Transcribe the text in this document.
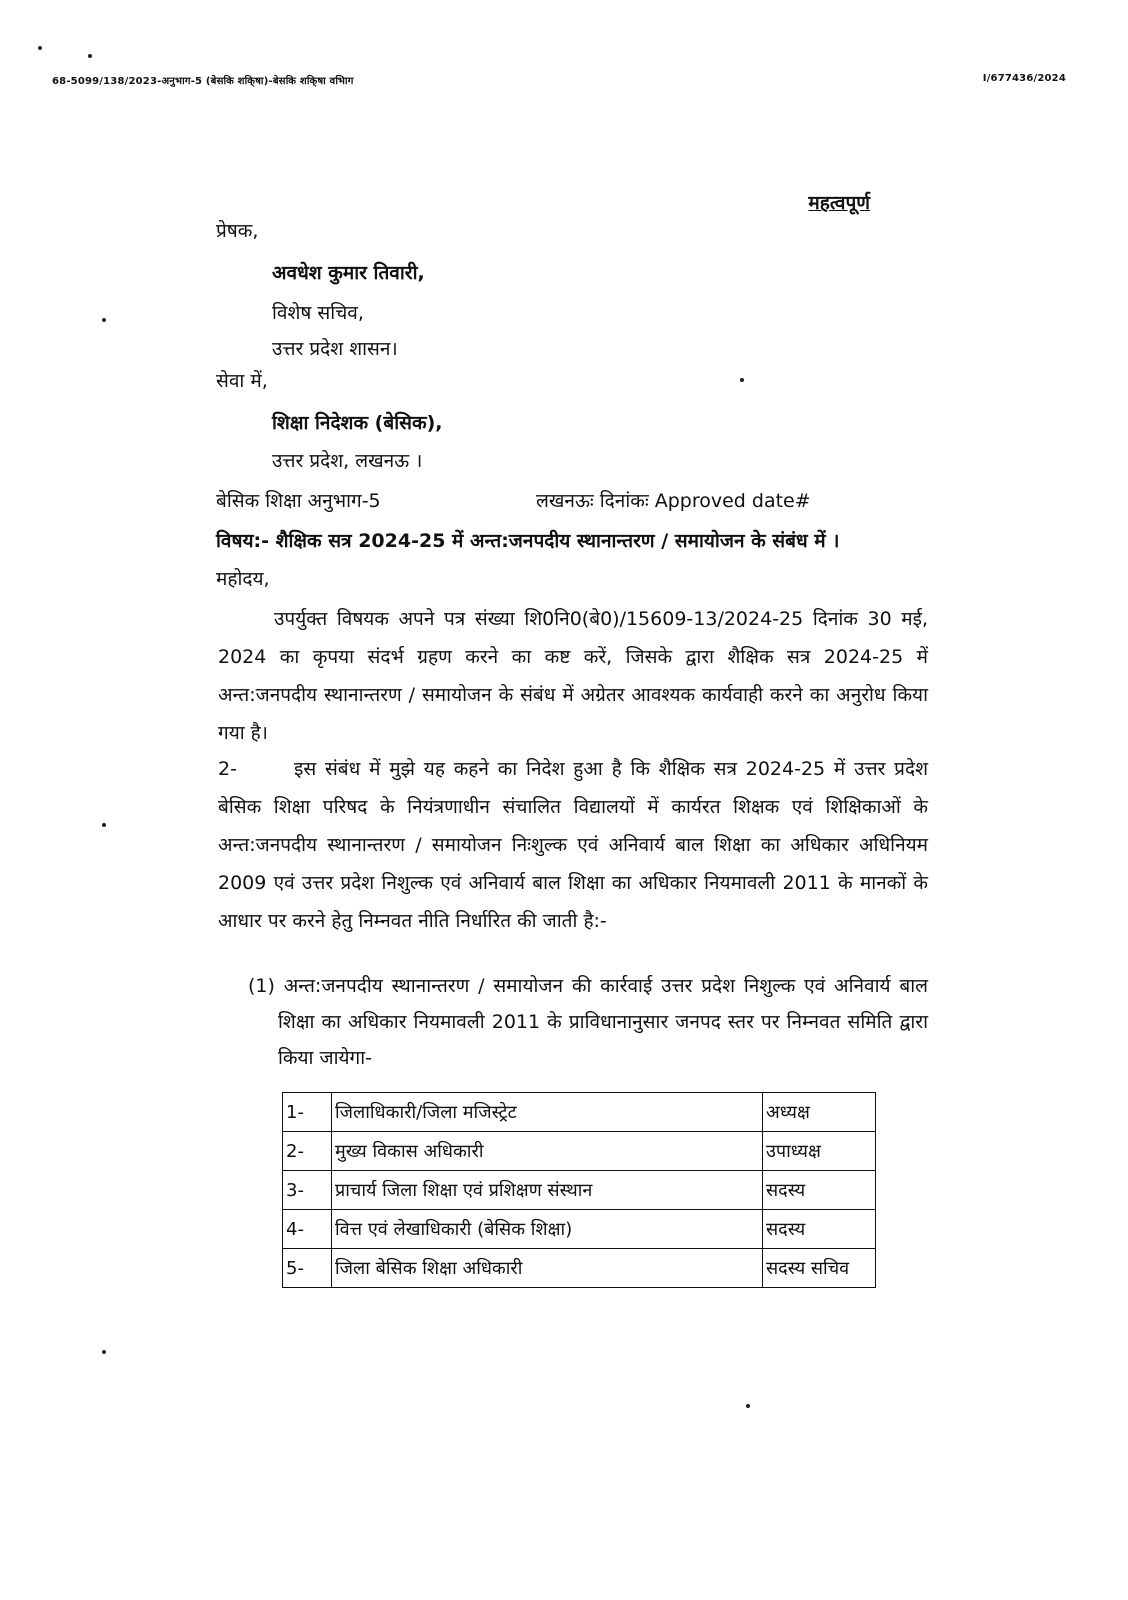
68-5099/138/2023-अनुभाग-5 (बेसकि शकि्षा)-बेसकि शकि्षा वभिाग	I/677436/2024
महत्वपूर्ण
प्रेषक,
अवधेश कुमार तिवारी,
विशेष सचिव,
उत्तर प्रदेश शासन।
सेवा में,
शिक्षा निदेशक (बेसिक),
उत्तर प्रदेश, लखनऊ ।
बेसिक शिक्षा अनुभाग-5	लखनऊः दिनांकः Approved date#
विषय:- शैक्षिक सत्र 2024-25 में अन्त:जनपदीय स्थानान्तरण / समायोजन के संबंध में ।
महोदय,

उपर्युक्त विषयक अपने पत्र संख्या शि0नि0(बे0)/15609-13/2024-25 दिनांक 30 मई, 2024 का कृपया संदर्भ ग्रहण करने का कष्ट करें, जिसके द्वारा शैक्षिक सत्र 2024-25 में अन्त:जनपदीय स्थानान्तरण / समायोजन के संबंध में अग्रेतर आवश्यक कार्यवाही करने का अनुरोध किया गया है।

2-	इस संबंध में मुझे यह कहने का निदेश हुआ है कि शैक्षिक सत्र 2024-25 में उत्तर प्रदेश बेसिक शिक्षा परिषद के नियंत्रणाधीन संचालित विद्यालयों में कार्यरत शिक्षक एवं शिक्षिकाओं के अन्त:जनपदीय स्थानान्तरण / समायोजन निःशुल्क एवं अनिवार्य बाल शिक्षा का अधिकार अधिनियम 2009 एवं उत्तर प्रदेश निशुल्क एवं अनिवार्य बाल शिक्षा का अधिकार नियमावली 2011 के मानकों के आधार पर करने हेतु निम्नवत नीति निर्धारित की जाती है:-

(1) अन्त:जनपदीय स्थानान्तरण / समायोजन की कार्रवाई उत्तर प्रदेश निशुल्क एवं अनिवार्य बाल शिक्षा का अधिकार नियमावली 2011 के प्राविधानानुसार जनपद स्तर पर निम्नवत समिति द्वारा किया जायेगा-

1-	जिलाधिकारी/जिला मजिस्ट्रेट	अध्यक्ष
2-	मुख्य विकास अधिकारी	उपाध्यक्ष
3-	प्राचार्य जिला शिक्षा एवं प्रशिक्षण संस्थान	सदस्य
4-	वित्त एवं लेखाधिकारी (बेसिक शिक्षा)	सदस्य
5-	जिला बेसिक शिक्षा अधिकारी	सदस्य सचिव
